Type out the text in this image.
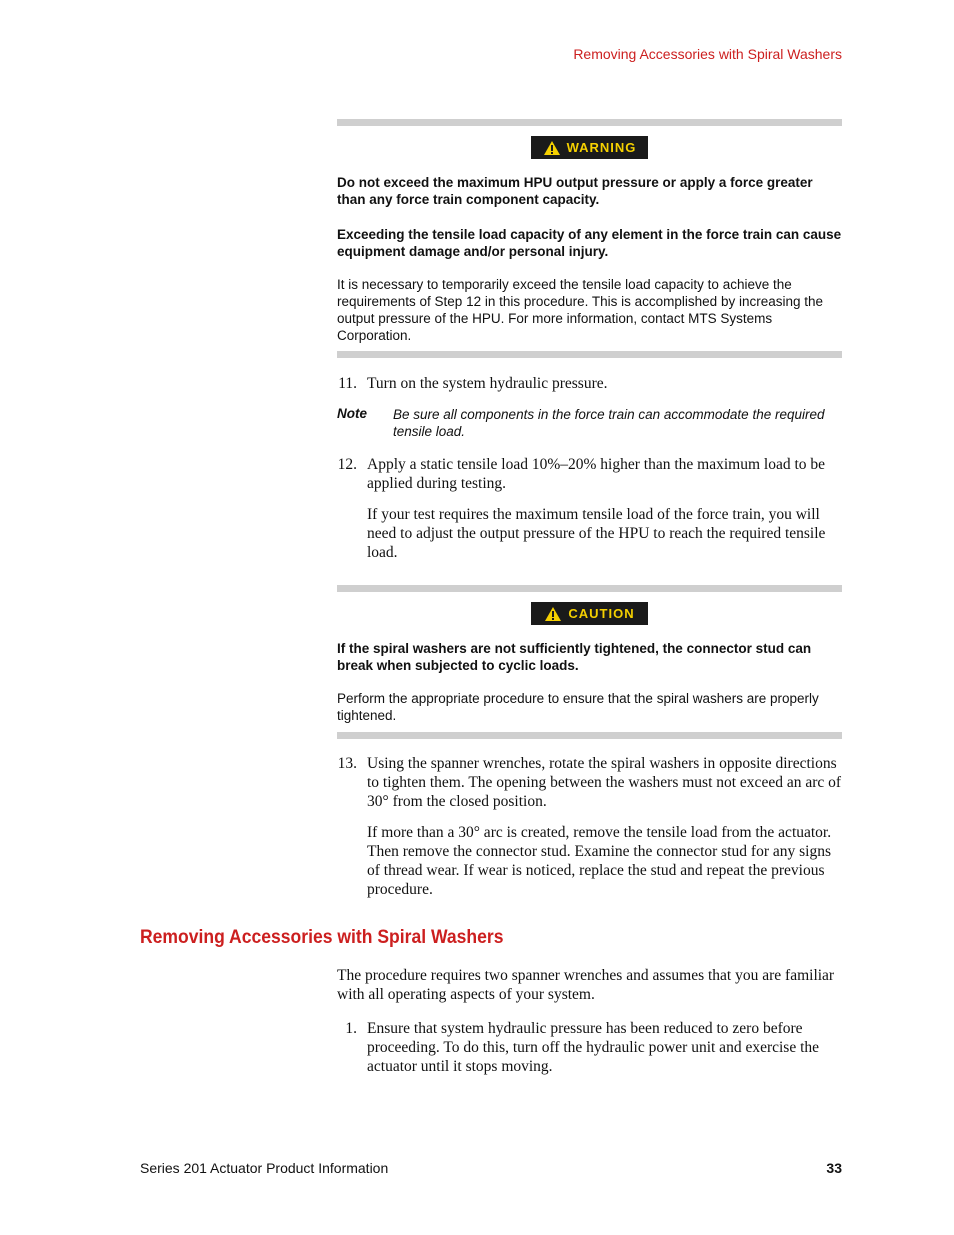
Removing Accessories with Spiral Washers
WARNING
Do not exceed the maximum HPU output pressure or apply a force greater than any force train component capacity.
Exceeding the tensile load capacity of any element in the force train can cause equipment damage and/or personal injury.
It is necessary to temporarily exceed the tensile load capacity to achieve the requirements of Step 12 in this procedure. This is accomplished by increasing the output pressure of the HPU. For more information, contact MTS Systems Corporation.
11. Turn on the system hydraulic pressure.
Note Be sure all components in the force train can accommodate the required tensile load.
12. Apply a static tensile load 10%–20% higher than the maximum load to be applied during testing.
If your test requires the maximum tensile load of the force train, you will need to adjust the output pressure of the HPU to reach the required tensile load.
CAUTION
If the spiral washers are not sufficiently tightened, the connector stud can break when subjected to cyclic loads.
Perform the appropriate procedure to ensure that the spiral washers are properly tightened.
13. Using the spanner wrenches, rotate the spiral washers in opposite directions to tighten them. The opening between the washers must not exceed an arc of 30° from the closed position.
If more than a 30° arc is created, remove the tensile load from the actuator. Then remove the connector stud. Examine the connector stud for any signs of thread wear. If wear is noticed, replace the stud and repeat the previous procedure.
Removing Accessories with Spiral Washers
The procedure requires two spanner wrenches and assumes that you are familiar with all operating aspects of your system.
1. Ensure that system hydraulic pressure has been reduced to zero before proceeding. To do this, turn off the hydraulic power unit and exercise the actuator until it stops moving.
Series 201 Actuator Product Information	33
